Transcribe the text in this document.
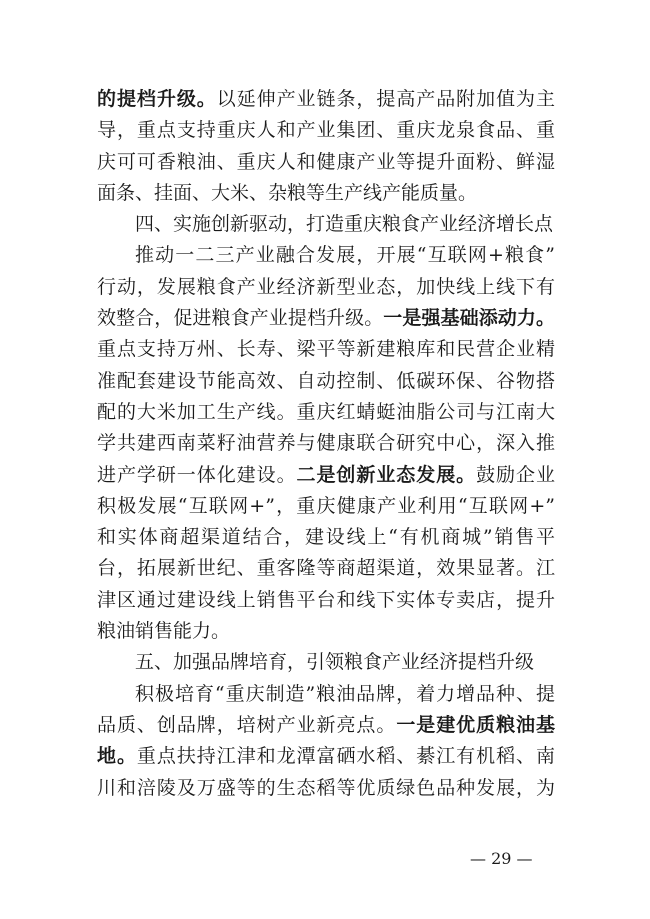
的提档升级。以延伸产业链条，提高产品附加值为主
导，重点支持重庆人和产业集团、重庆龙泉食品、重
庆可可香粮油、重庆人和健康产业等提升面粉、鲜湿
面条、挂面、大米、杂粮等生产线产能质量。
四、实施创新驱动，打造重庆粮食产业经济增长点
推动一二三产业融合发展，开展“互联网+粮食”
行动，发展粮食产业经济新型业态，加快线上线下有
效整合，促进粮食产业提档升级。一是强基础添动力。
重点支持万州、长寿、梁平等新建粮库和民营企业精
准配套建设节能高效、自动控制、低碳环保、谷物搭
配的大米加工生产线。重庆红蜻蜓油脂公司与江南大
学共建西南菜籽油营养与健康联合研究中心，深入推
进产学研一体化建设。二是创新业态发展。鼓励企业
积极发展“互联网+”，重庆健康产业利用“互联网+”
和实体商超渠道结合，建设线上“有机商城”销售平
台，拓展新世纪、重客隆等商超渠道，效果显著。江
津区通过建设线上销售平台和线下实体专卖店，提升
粮油销售能力。
五、加强品牌培育，引领粮食产业经济提档升级
积极培育“重庆制造”粮油品牌，着力增品种、提
品质、创品牌，培树产业新亮点。一是建优质粮油基
地。重点扶持江津和龙潭富硒水稻、綦江有机稻、南
川和涪陵及万盛等的生态稻等优质绿色品种发展，为
— 29 —
